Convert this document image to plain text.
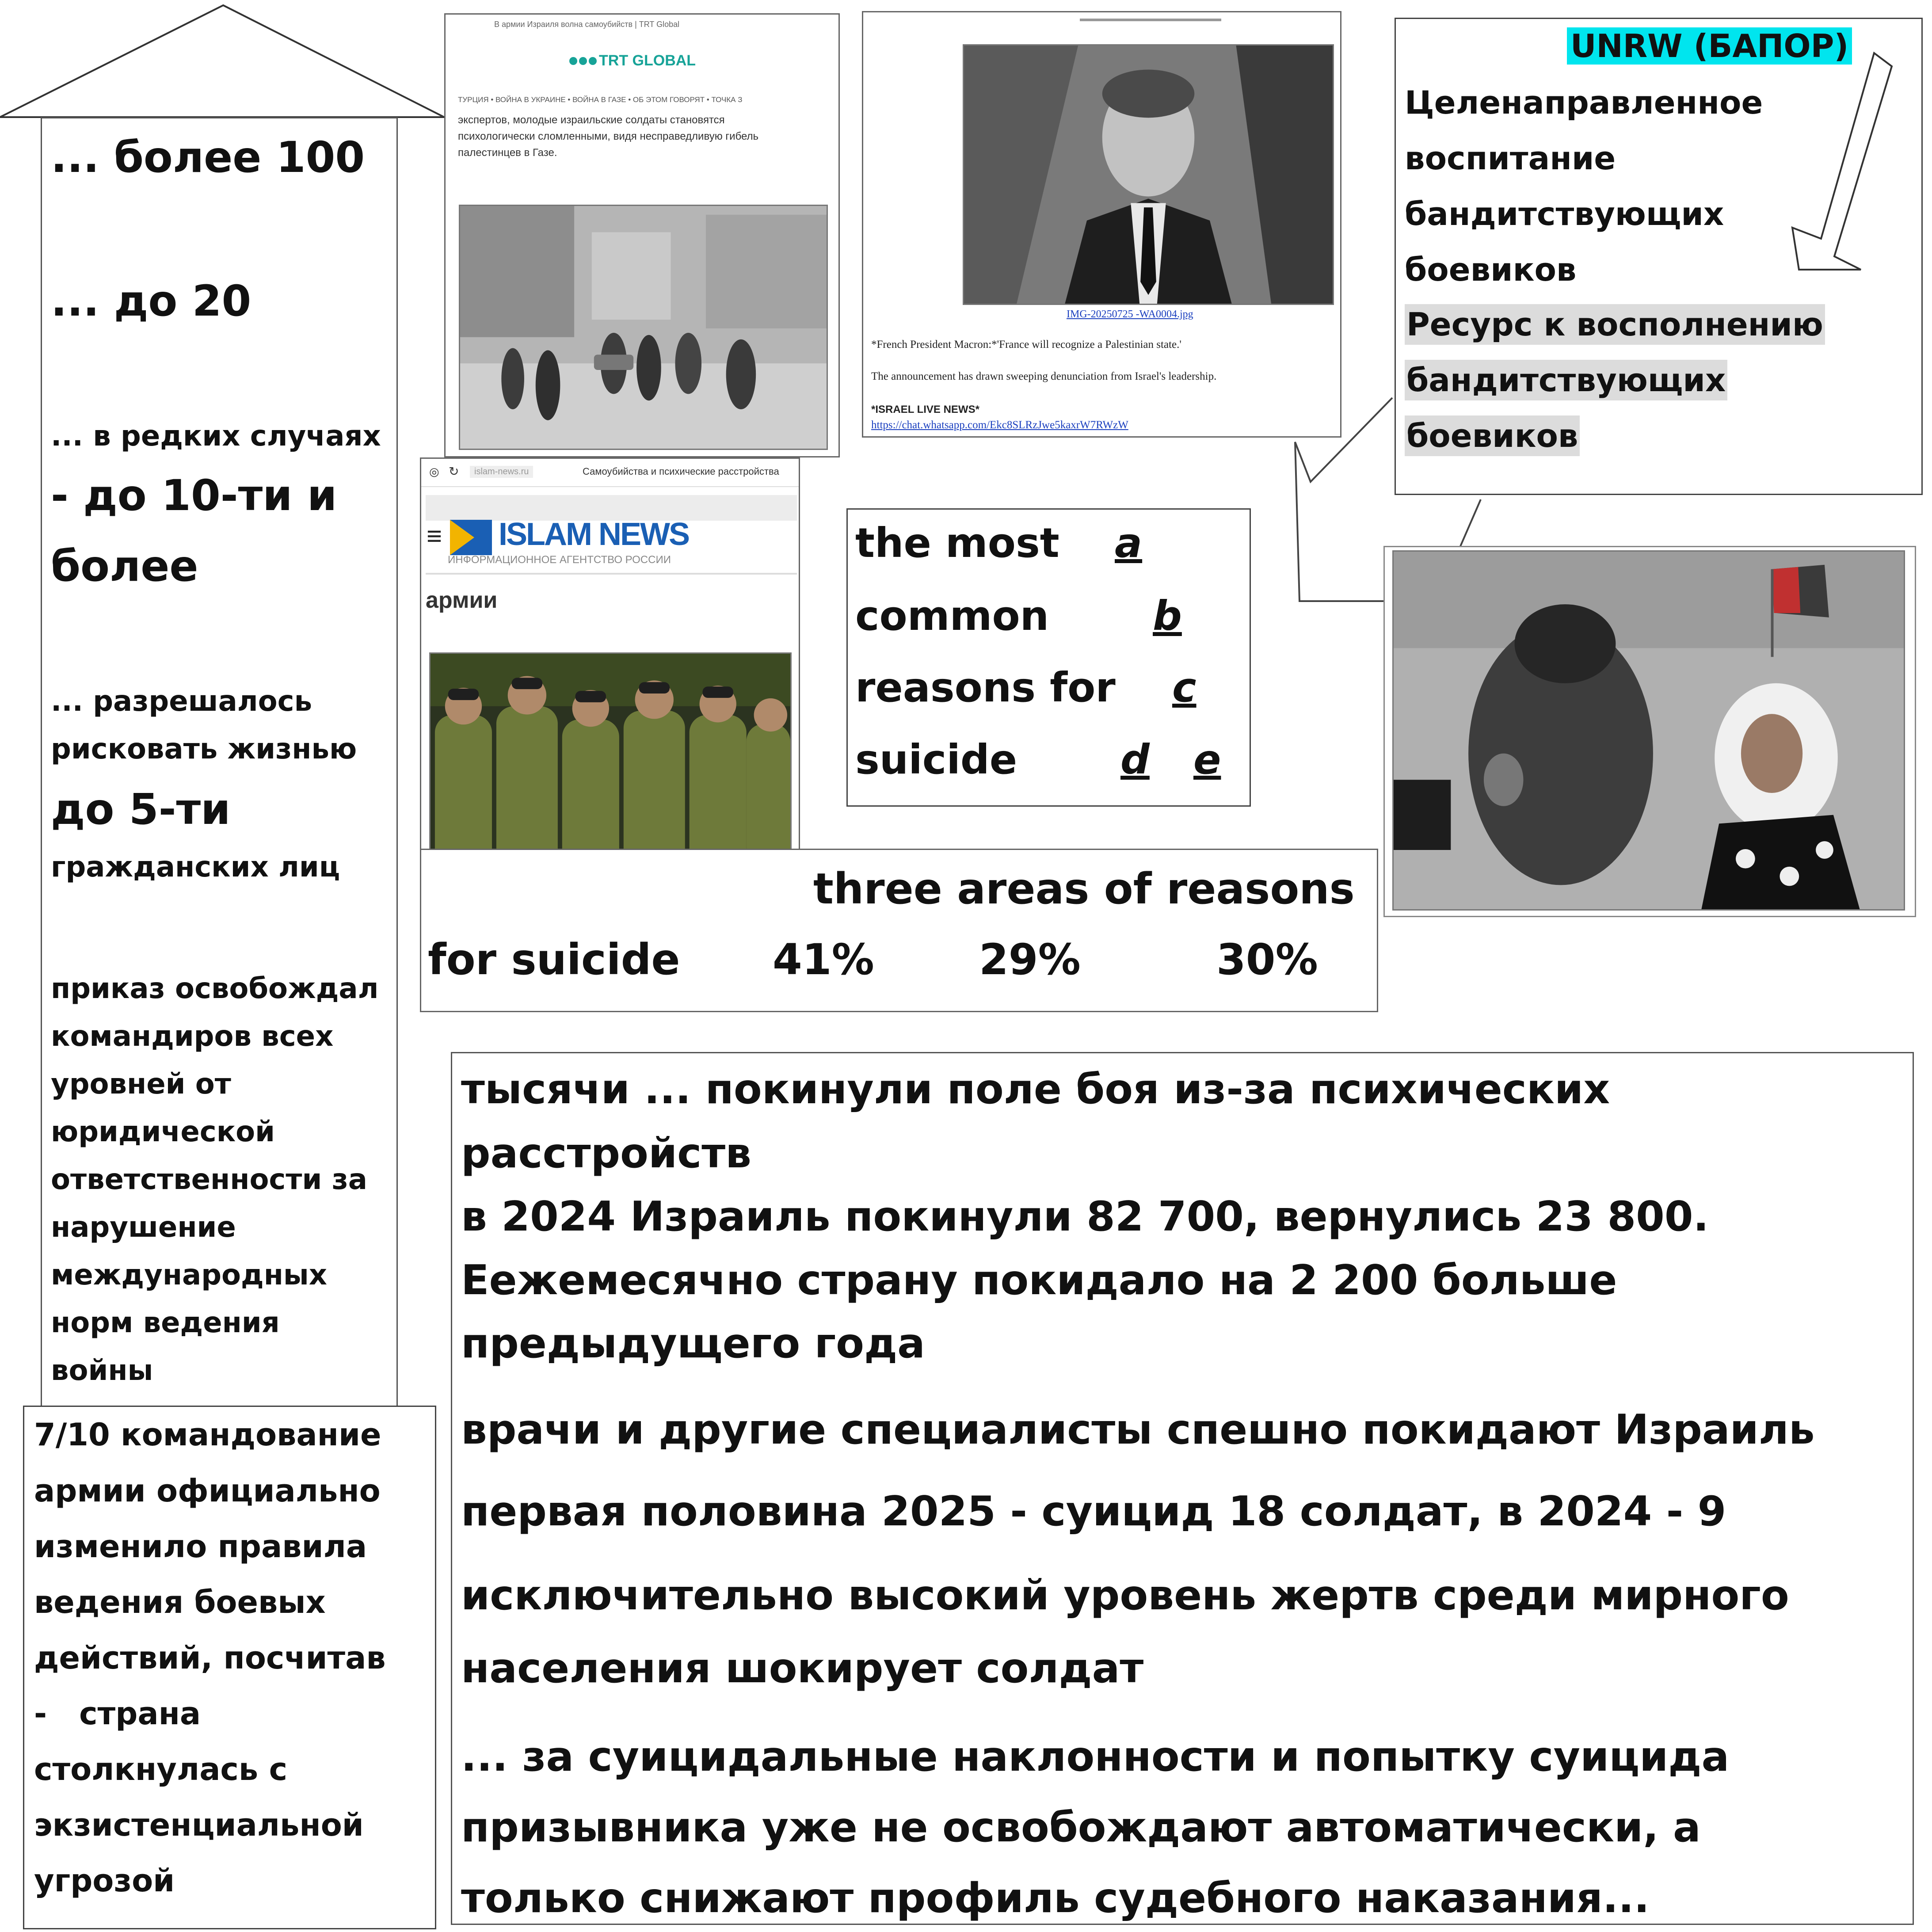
... более 100
... до 20
... в редких случаях
- до 10-ти и
более
... разрешалось
рисковать жизнью
до 5-ти
гражданских лиц
приказ освобождал
командиров всех
уровней от
юридической
ответственности за
нарушение
международных
норм ведения
войны
7/10 командование
армии официально
изменило правила
ведения боевых
действий, посчитав
-   страна
столкнулась с
экзистенциальной
угрозой
В армии Израиля волна самоубийств | TRT Global
TRT GLOBAL
ТУРЦИЯ • ВОЙНА В УКРАИНЕ • ВОЙНА В ГАЗЕ • ОБ ЭТОМ ГОВОРЯТ • ТОЧКА З
экспертов, молодые израильские солдаты становятся
психологически сломленными, видя несправедливую гибель
палестинцев в Газе.
IMG-20250725 -WA0004.jpg
*French President Macron:*'France will recognize a Palestinian state.'
The announcement has drawn sweeping denunciation from Israel's leadership.
*ISRAEL LIVE NEWS*
https://chat.whatsapp.com/Ekc8SLRzJwe5kaxrW7RWzW
UNRW (БАПОР)
Целенаправленное
воспитание
бандитствующих
боевиков
Ресурс к восполнению
бандитствующих
боевиков
◎ ↻	islam-news.ru	Самоубийства и психические расстройства
≡ ISLAM NEWS
ИНФОРМАЦИОННОЕ АГЕНТСТВО РОССИИ
армии
the most a
common	b
reasons for c
suicide	d e
three areas of reasons
for suicide 41% 29%	30%
тысячи ... покинули поле боя из-за психических
расстройств
в 2024 Израиль покинули 82 700, вернулись 23 800.
Еежемесячно страну покидало на 2 200 больше
предыдущего года
врачи и другие специалисты спешно покидают Израиль
первая половина 2025 - суицид 18 солдат, в 2024 - 9
исключительно высокий уровень жертв среди мирного
населения шокирует солдат
... за суицидальные наклонности и попытку суицида
призывника уже не освобождают автоматически, а
только снижают профиль судебного наказания...
